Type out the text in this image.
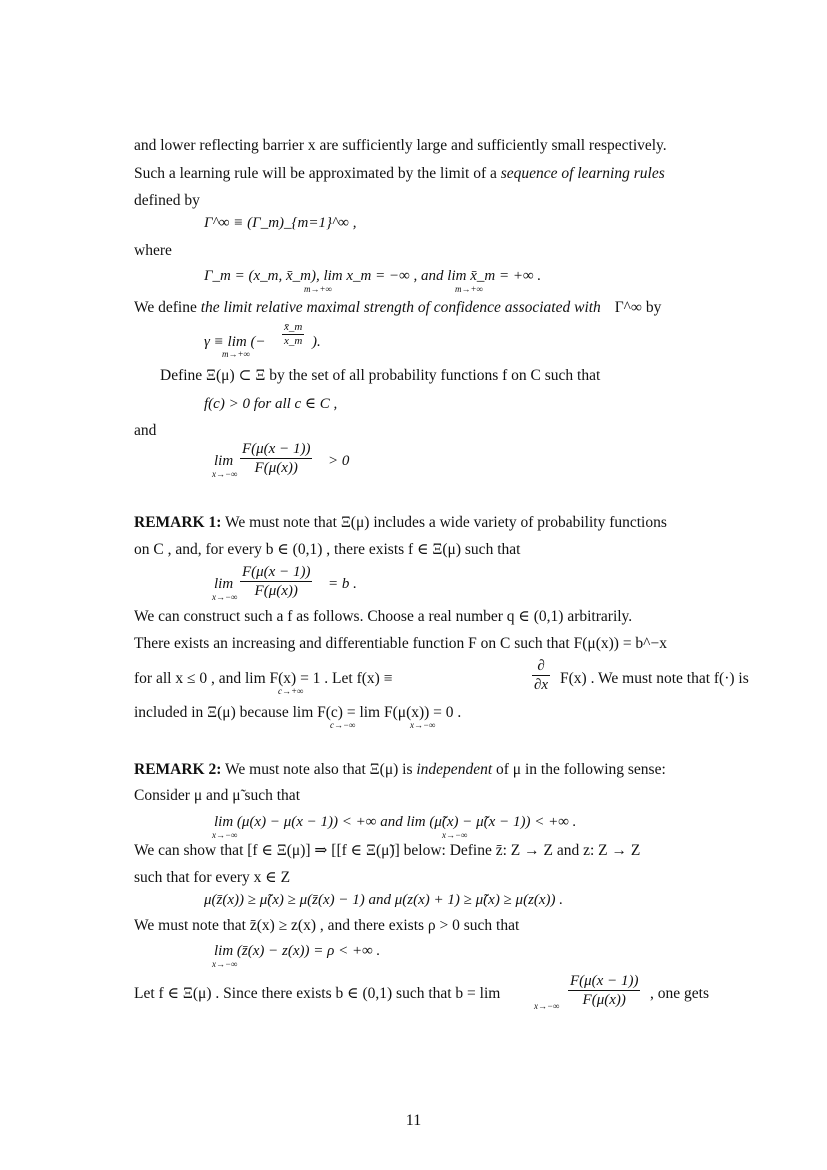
and lower reflecting barrier x are sufficiently large and sufficiently small respectively.
Such a learning rule will be approximated by the limit of a sequence of learning rules
defined by
Γ^∞ ≡ (Γ_m)_{m=1}^∞ ,
where
Γ_m = (x_m, x̄_m), lim x_m = −∞ , and lim x̄_m = +∞ .
m→+∞	m→+∞
We define the limit relative maximal strength of confidence associated with Γ^∞ by
γ ≡ lim (− $\frac{x̄\_m}{x\_m}$ ).
m→+∞
Define Ξ(μ) ⊂ Ξ by the set of all probability functions f on C such that
f(c) > 0 for all c ∈ C ,
and
lim
$x\to-\infty \frac{F(\mu(x - 1))}{F(\mu(x))} > 0$
REMARK 1: We must note that Ξ(μ) includes a wide variety of probability functions
on C , and, for every b ∈ (0,1) , there exists f ∈ Ξ(μ) such that
lim
$x\to-\infty \frac{F(\mu(x - 1))}{F(\mu(x))} = b$ .
We can construct such a f as follows. Choose a real number q ∈ (0,1) arbitrarily.
There exists an increasing and differentiable function F on C such that F(μ(x)) = b^−x
for all x ≤ 0 , and lim F(x) = 1 . Let f(x) ≡
c→+∞
∂
∂x F(x) . We must note that f(·) is
included in Ξ(μ) because lim F(c) = lim F(μ(x)) = 0 .
c→−∞	x→−∞
REMARK 2: We must note also that Ξ(μ) is independent of μ in the following sense:
Consider μ and μ̃ such that
lim (μ(x) − μ(x − 1)) < +∞ and lim (μ̃(x) − μ̃(x − 1)) < +∞ .
x→−∞	x→−∞
We can show that [f ∈ Ξ(μ)] ⇒ [[f ∈ Ξ(μ̃)] below: Define z̄: Z → Z and z: Z → Z
such that for every x ∈ Z
μ(z̄(x)) ≥ μ̃(x) ≥ μ(z̄(x) − 1) and μ(z(x) + 1) ≥ μ̃(x) ≥ μ(z(x)) .
We must note that z̄(x) ≥ z(x) , and there exists ρ > 0 such that
lim (z̄(x) − z(x)) = ρ < +∞ .
x→−∞
Let f ∈ Ξ(μ) . Since there exists b ∈ (0,1) such that b = lim
$x\to-\infty \frac{F(\mu(x - 1))}{F(\mu(x))}$ , one gets
11
